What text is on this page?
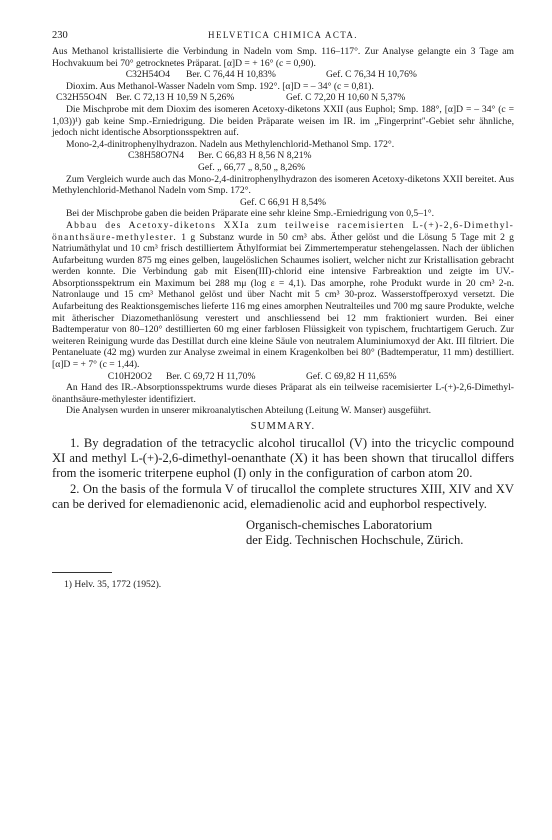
230	HELVETICA CHIMICA ACTA.

Aus Methanol kristallisierte die Verbindung in Nadeln vom Smp. 116–117°. Zur Analyse gelangte ein 3 Tage am Hochvakuum bei 70° getrocknetes Präparat. [α]D = + 16° (c = 0,90).

C32H54O4	Ber. C 76,44 H 10,83%	Gef. C 76,34 H 10,76%

Dioxim. Aus Methanol-Wasser Nadeln vom Smp. 192°. [α]D = – 34° (c = 0,81).

C32H55O4N Ber. C 72,13 H 10,59 N 5,26%	Gef. C 72,20 H 10,60 N 5,37%

Die Mischprobe mit dem Dioxim des isomeren Acetoxy-diketons XXII (aus Euphol; Smp. 188°, [α]D = – 34° (c = 1,03))¹) gab keine Smp.-Erniedrigung. Die beiden Präparate weisen im IR. im „Fingerprint"-Gebiet sehr ähnliche, jedoch nicht identische Absorptionsspektren auf.

Mono-2,4-dinitrophenylhydrazon. Nadeln aus Methylenchlorid-Methanol Smp. 172°.

C38H58O7N4	Ber. C 66,83 H 8,56 N 8,21%
Gef. „ 66,77 „ 8,50 „ 8,26%

Zum Vergleich wurde auch das Mono-2,4-dinitrophenylhydrazon des isomeren Acetoxy-diketons XXII bereitet. Aus Methylenchlorid-Methanol Nadeln vom Smp. 172°.

Gef. C 66,91 H 8,54%

Bei der Mischprobe gaben die beiden Präparate eine sehr kleine Smp.-Erniedrigung von 0,5–1°.

Abbau des Acetoxy-diketons XXIa zum teilweise racemisierten L-(+)-2,6-Dimethyl-önanthsäure-methylester. 1 g Substanz wurde in 50 cm³ abs. Äther gelöst und die Lösung 5 Tage mit 2 g Natriumäthylat und 10 cm³ frisch destilliertem Äthylformiat bei Zimmertemperatur stehengelassen. Nach der üblichen Aufarbeitung wurden 875 mg eines gelben, laugelöslichen Schaumes isoliert, welcher nicht zur Kristallisation gebracht werden konnte. Die Verbindung gab mit Eisen(III)-chlorid eine intensive Farbreaktion und zeigte im UV.-Absorptionsspektrum ein Maximum bei 288 mμ (log ε = 4,1). Das amorphe, rohe Produkt wurde in 20 cm³ 2-n. Natronlauge und 15 cm³ Methanol gelöst und über Nacht mit 5 cm³ 30-proz. Wasserstoffperoxyd versetzt. Die Aufarbeitung des Reaktionsgemisches lieferte 116 mg eines amorphen Neutralteiles und 700 mg saure Produkte, welche mit ätherischer Diazomethanlösung verestert und anschliessend bei 12 mm fraktioniert wurden. Bei einer Badtemperatur von 80–120° destillierten 60 mg einer farblosen Flüssigkeit von typischem, fruchtartigem Geruch. Zur weiteren Reinigung wurde das Destillat durch eine kleine Säule von neutralem Aluminiumoxyd der Akt. III filtriert. Die Pentaneluate (42 mg) wurden zur Analyse zweimal in einem Kragenkolben bei 80° (Badtemperatur, 11 mm) destilliert. [α]D = + 7° (c = 1,44).

C10H20O2	Ber. C 69,72 H 11,70%	Gef. C 69,82 H 11,65%

An Hand des IR.-Absorptionsspektrums wurde dieses Präparat als ein teilweise racemisierter L-(+)-2,6-Dimethyl-önanthsäure-methylester identifiziert.

Die Analysen wurden in unserer mikroanalytischen Abteilung (Leitung W. Manser) ausgeführt.

SUMMARY.

1. By degradation of the tetracyclic alcohol tirucallol (V) into the tricyclic compound XI and methyl L-(+)-2,6-dimethyl-oenanthate (X) it has been shown that tirucallol differs from the isomeric triterpene euphol (I) only in the configuration of carbon atom 20.

2. On the basis of the formula V of tirucallol the complete structures XIII, XIV and XV can be derived for elemadienonic acid, elemadienolic acid and euphorbol respectively.

Organisch-chemisches Laboratorium
der Eidg. Technischen Hochschule, Zürich.
1) Helv. 35, 1772 (1952).
